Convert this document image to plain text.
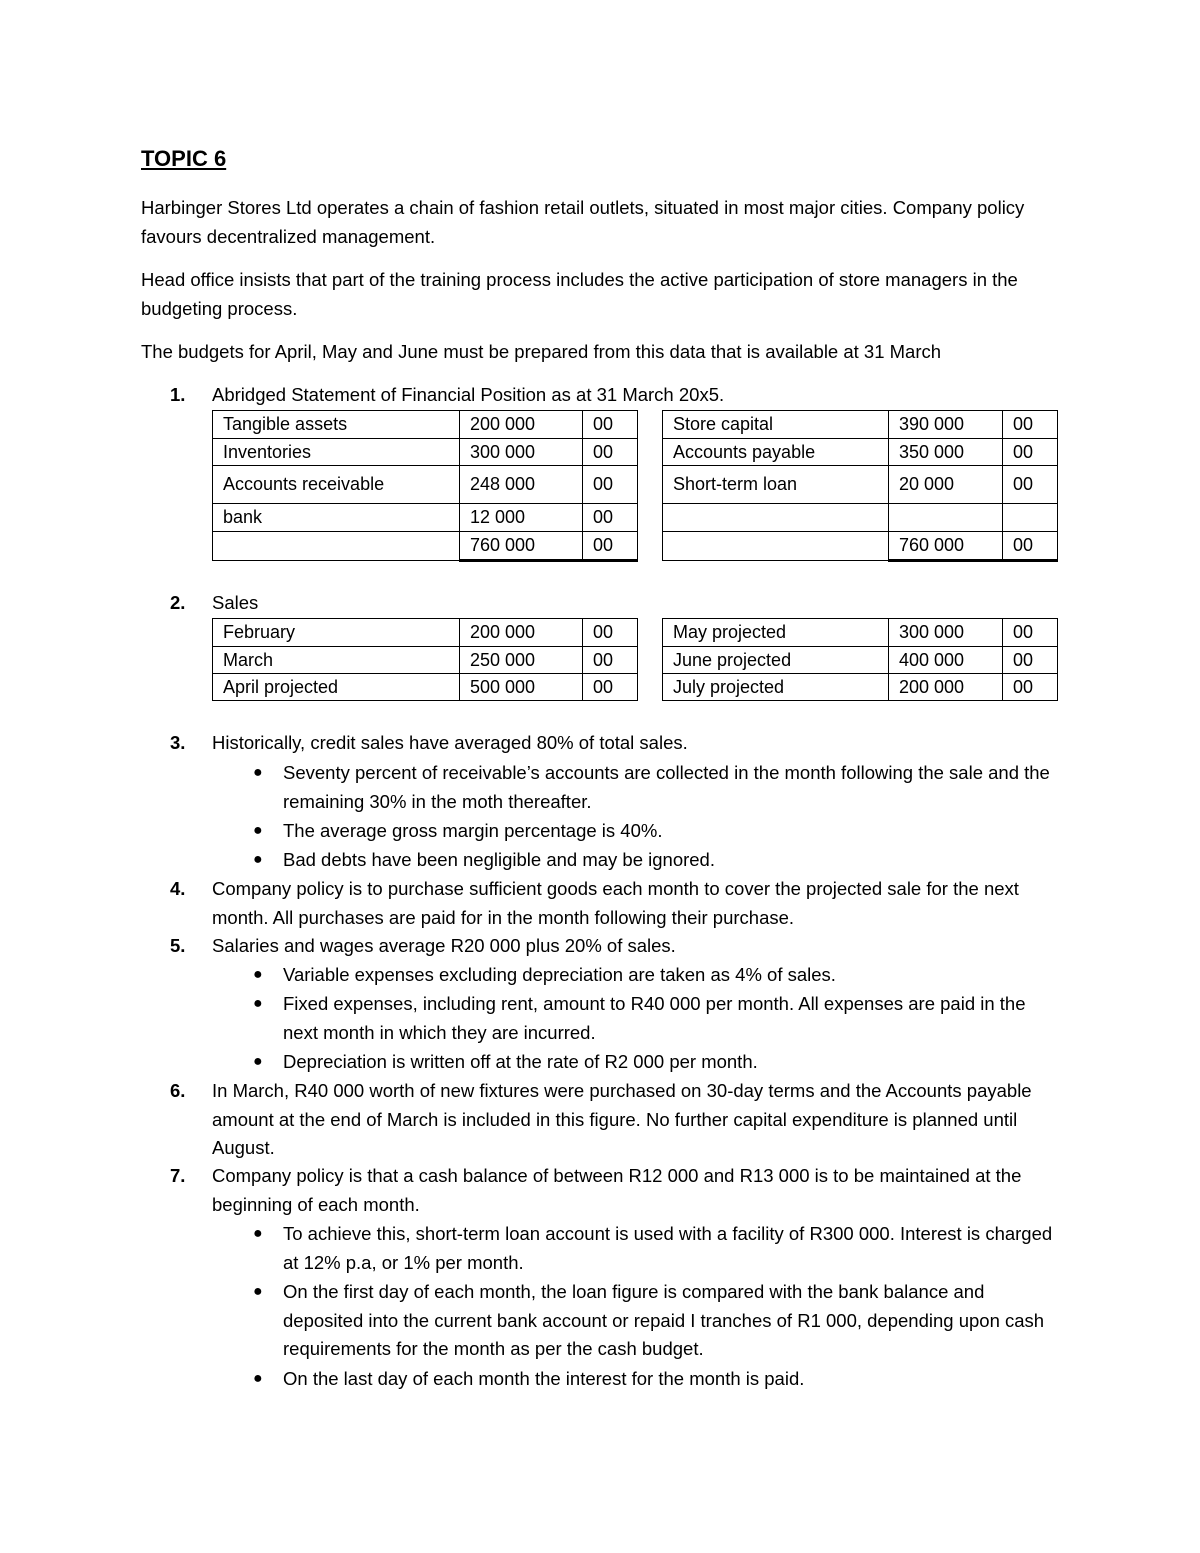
TOPIC 6

Harbinger Stores Ltd operates a chain of fashion retail outlets, situated in most major cities. Company policy favours decentralized management.

Head office insists that part of the training process includes the active participation of store managers in the budgeting process.

The budgets for April, May and June must be prepared from this data that is available at 31 March

1. Abridged Statement of Financial Position as at 31 March 20x5.
Tangible assets	200 000	00
Inventories	300 000	00
Accounts receivable	248 000	00
bank	12 000	00
	760 000	00
Store capital	390 000	00
Accounts payable	350 000	00
Short-term loan	20 000	00

	760 000	00
2. Sales
February	200 000	00
March	250 000	00
April projected	500 000	00
May projected	300 000	00
June projected	400 000	00
July projected	200 000	00
3. Historically, credit sales have averaged 80% of total sales.
● Seventy percent of receivable’s accounts are collected in the month following the sale and the remaining 30% in the moth thereafter.
● The average gross margin percentage is 40%.
● Bad debts have been negligible and may be ignored.
4. Company policy is to purchase sufficient goods each month to cover the projected sale for the next month. All purchases are paid for in the month following their purchase.
5. Salaries and wages average R20 000 plus 20% of sales.
● Variable expenses excluding depreciation are taken as 4% of sales.
● Fixed expenses, including rent, amount to R40 000 per month. All expenses are paid in the next month in which they are incurred.
● Depreciation is written off at the rate of R2 000 per month.
6. In March, R40 000 worth of new fixtures were purchased on 30-day terms and the Accounts payable amount at the end of March is included in this figure. No further capital expenditure is planned until August.
7. Company policy is that a cash balance of between R12 000 and R13 000 is to be maintained at the beginning of each month.
● To achieve this, short-term loan account is used with a facility of R300 000. Interest is charged at 12% p.a, or 1% per month.
● On the first day of each month, the loan figure is compared with the bank balance and deposited into the current bank account or repaid I tranches of R1 000, depending upon cash requirements for the month as per the cash budget.
● On the last day of each month the interest for the month is paid.
